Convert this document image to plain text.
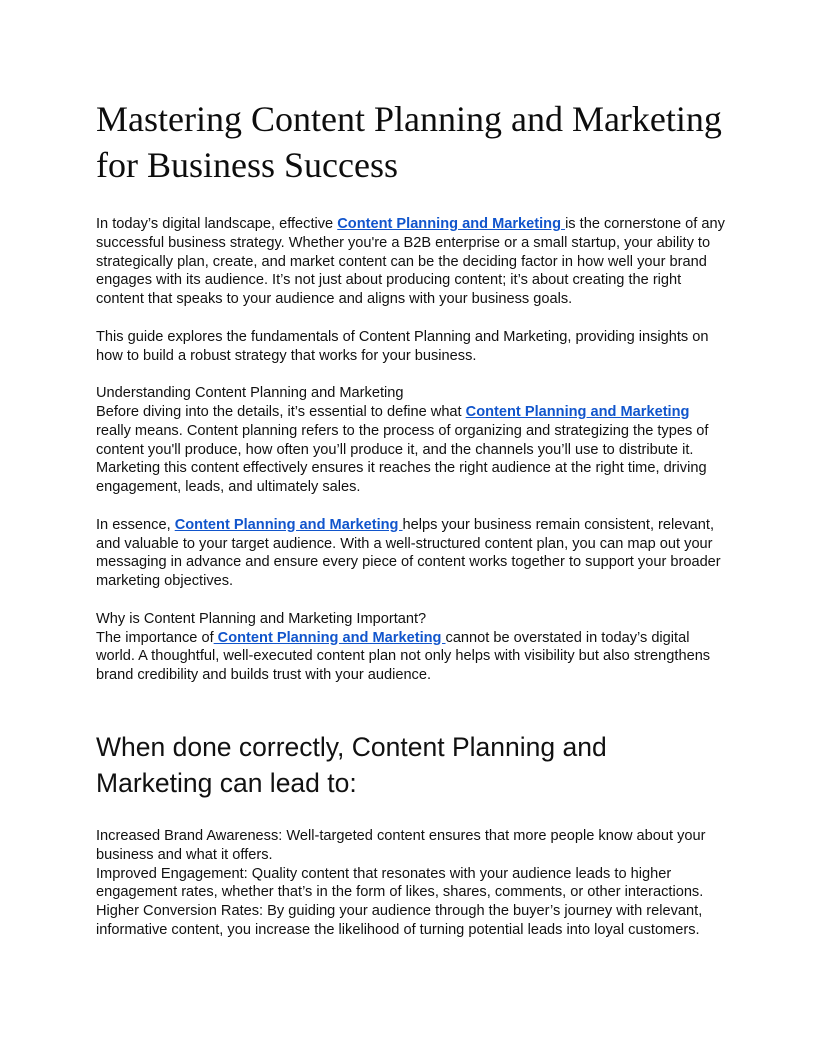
Mastering Content Planning and Marketing for Business Success

In today’s digital landscape, effective Content Planning and Marketing is the cornerstone of any successful business strategy. Whether you're a B2B enterprise or a small startup, your ability to strategically plan, create, and market content can be the deciding factor in how well your brand engages with its audience. It’s not just about producing content; it’s about creating the right content that speaks to your audience and aligns with your business goals.

This guide explores the fundamentals of Content Planning and Marketing, providing insights on how to build a robust strategy that works for your business.

Understanding Content Planning and Marketing

Before diving into the details, it’s essential to define what Content Planning and Marketing really means. Content planning refers to the process of organizing and strategizing the types of content you'll produce, how often you’ll produce it, and the channels you’ll use to distribute it. Marketing this content effectively ensures it reaches the right audience at the right time, driving engagement, leads, and ultimately sales.

In essence, Content Planning and Marketing helps your business remain consistent, relevant, and valuable to your target audience. With a well-structured content plan, you can map out your messaging in advance and ensure every piece of content works together to support your broader marketing objectives.

Why is Content Planning and Marketing Important?

The importance of Content Planning and Marketing cannot be overstated in today’s digital world. A thoughtful, well-executed content plan not only helps with visibility but also strengthens brand credibility and builds trust with your audience.

When done correctly, Content Planning and Marketing can lead to:

Increased Brand Awareness: Well-targeted content ensures that more people know about your business and what it offers.

Improved Engagement: Quality content that resonates with your audience leads to higher engagement rates, whether that’s in the form of likes, shares, comments, or other interactions.

Higher Conversion Rates: By guiding your audience through the buyer’s journey with relevant, informative content, you increase the likelihood of turning potential leads into loyal customers.
